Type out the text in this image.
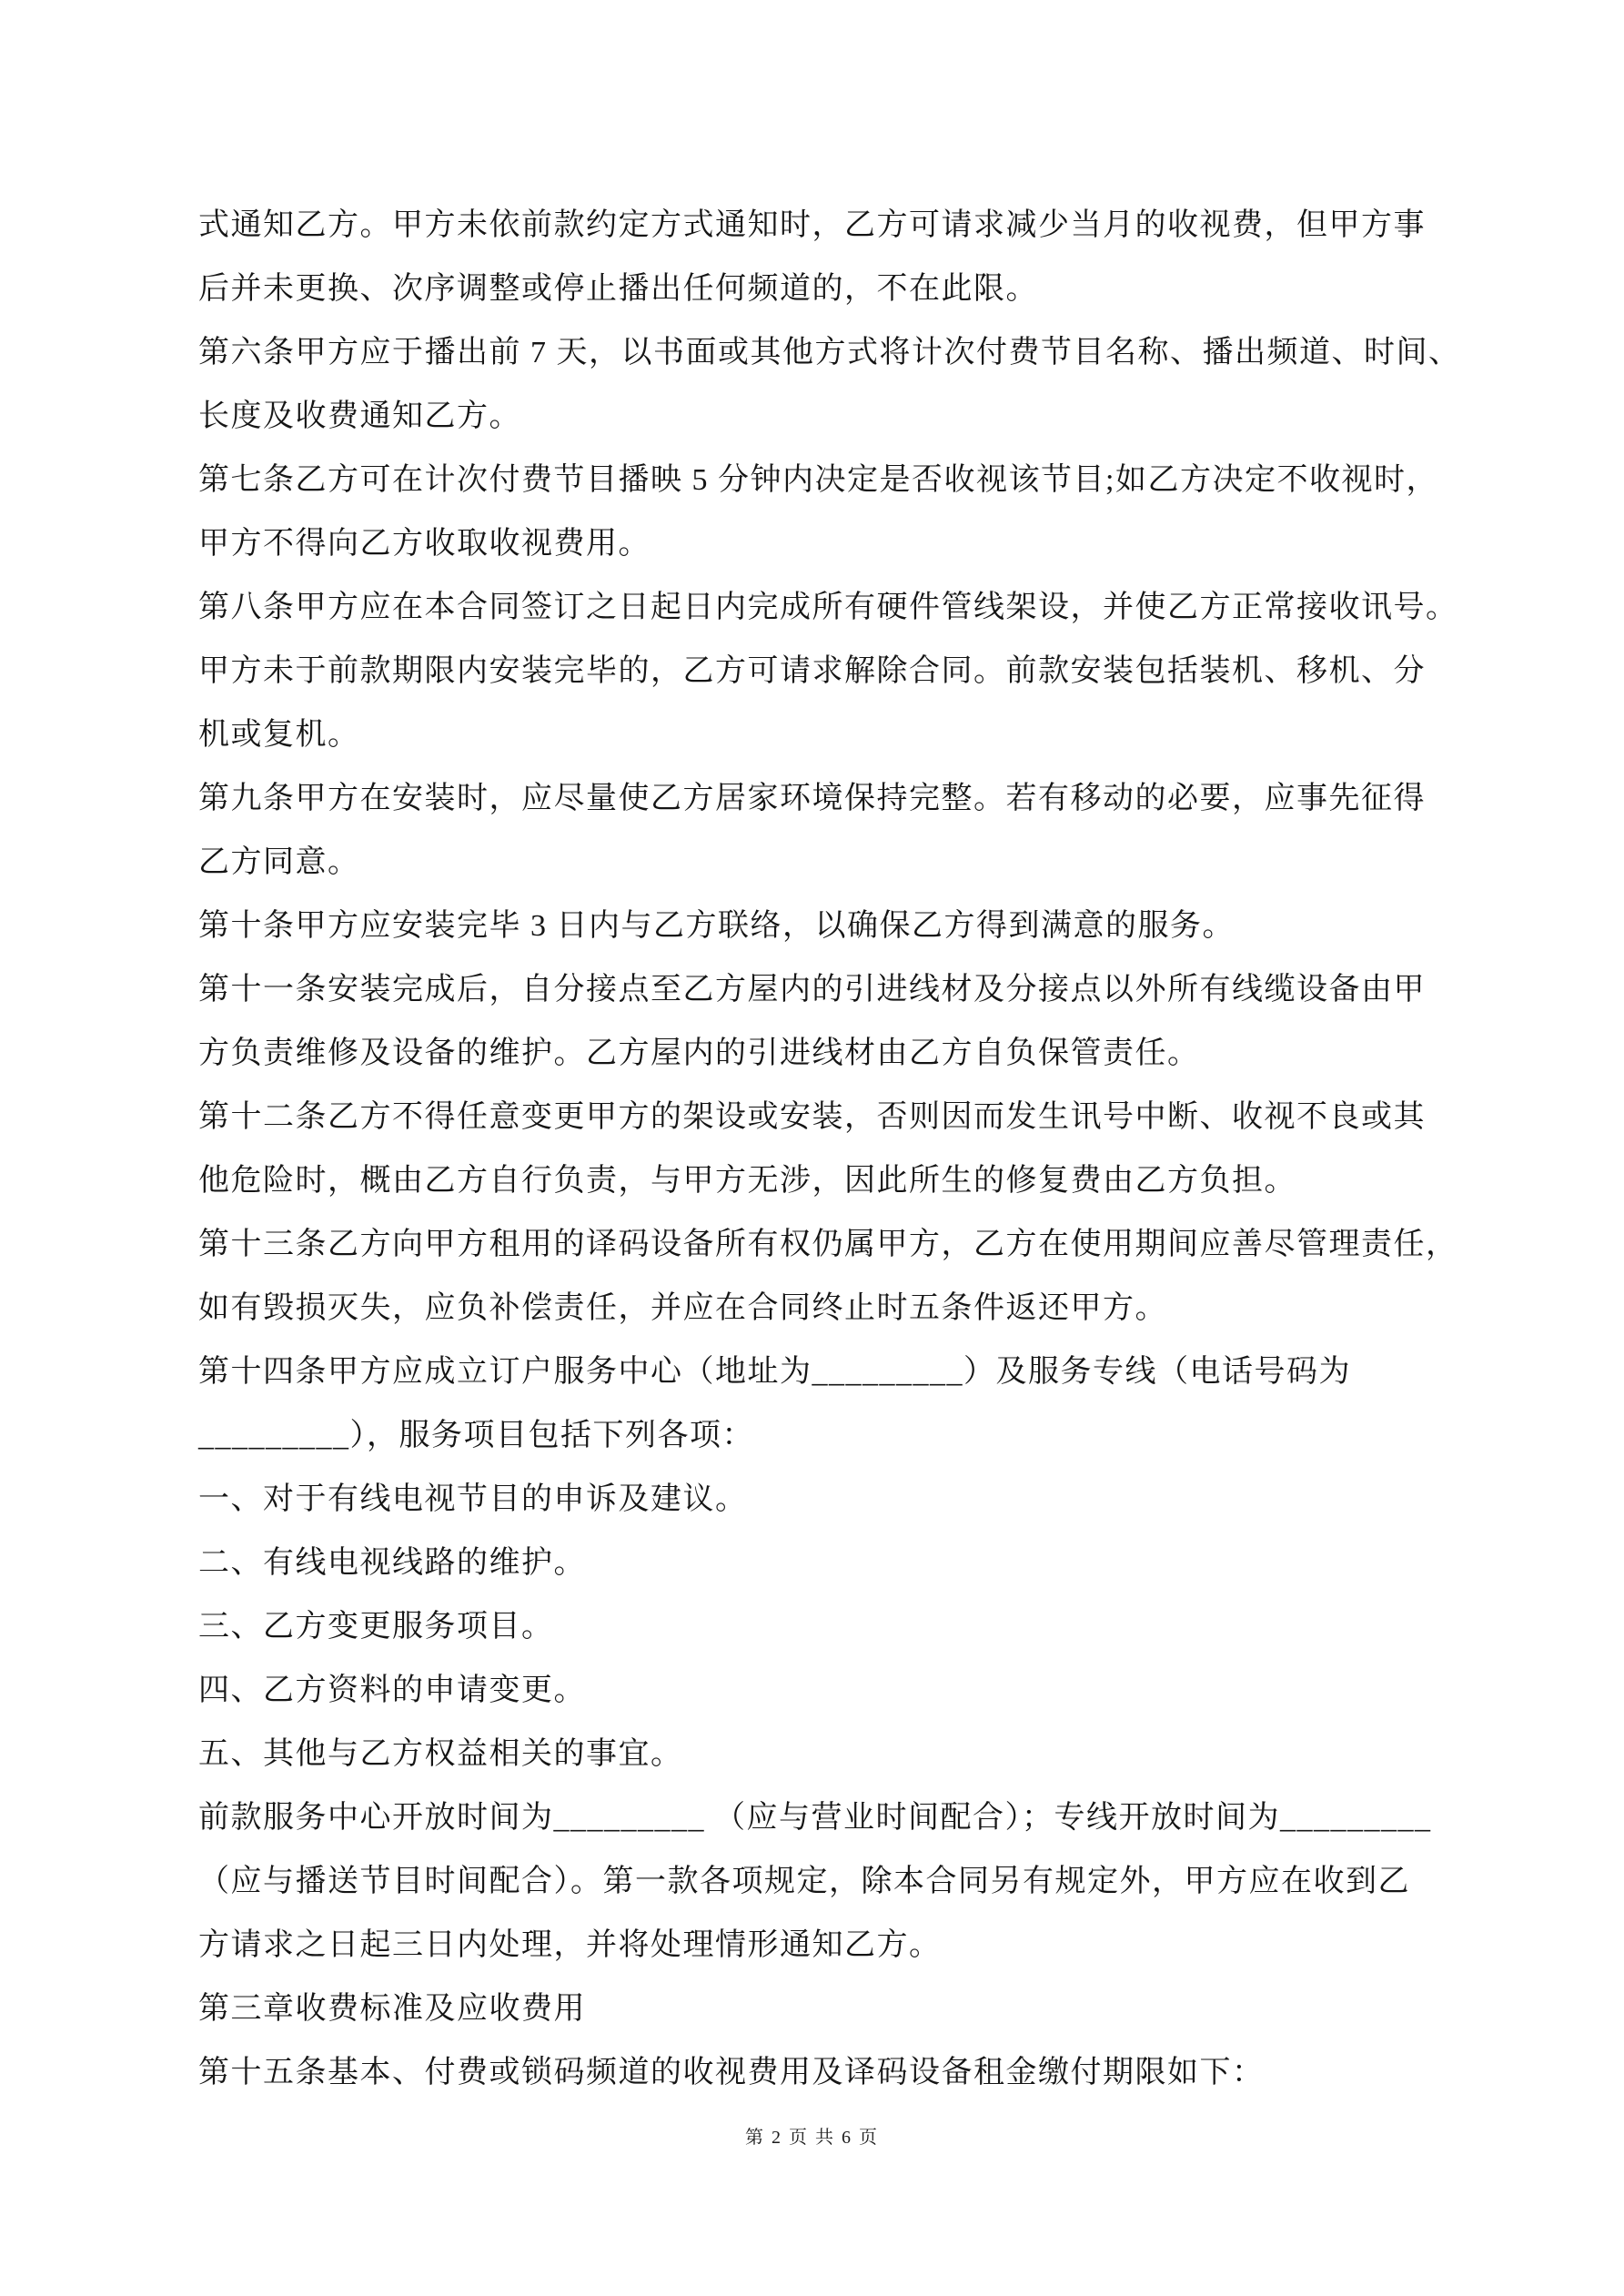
式通知乙方。甲方未依前款约定方式通知时，乙方可请求减少当月的收视费，但甲方事
后并未更换、次序调整或停止播出任何频道的，不在此限。
第六条甲方应于播出前 7 天，以书面或其他方式将计次付费节目名称、播出频道、时间、
长度及收费通知乙方。
第七条乙方可在计次付费节目播映 5 分钟内决定是否收视该节目;如乙方决定不收视时，
甲方不得向乙方收取收视费用。
第八条甲方应在本合同签订之日起日内完成所有硬件管线架设，并使乙方正常接收讯号。
甲方未于前款期限内安装完毕的，乙方可请求解除合同。前款安装包括装机、移机、分
机或复机。
第九条甲方在安装时，应尽量使乙方居家环境保持完整。若有移动的必要，应事先征得
乙方同意。
第十条甲方应安装完毕 3 日内与乙方联络，以确保乙方得到满意的服务。
第十一条安装完成后，自分接点至乙方屋内的引进线材及分接点以外所有线缆设备由甲
方负责维修及设备的维护。乙方屋内的引进线材由乙方自负保管责任。
第十二条乙方不得任意变更甲方的架设或安装，否则因而发生讯号中断、收视不良或其
他危险时，概由乙方自行负责，与甲方无涉，因此所生的修复费由乙方负担。
第十三条乙方向甲方租用的译码设备所有权仍属甲方，乙方在使用期间应善尽管理责任，
如有毁损灭失，应负补偿责任，并应在合同终止时五条件返还甲方。
第十四条甲方应成立订户服务中心（地址为_________）及服务专线（电话号码为
_________），服务项目包括下列各项：
一、对于有线电视节目的申诉及建议。
二、有线电视线路的维护。
三、乙方变更服务项目。
四、乙方资料的申请变更。
五、其他与乙方权益相关的事宜。
前款服务中心开放时间为_________ （应与营业时间配合）；专线开放时间为_________
（应与播送节目时间配合）。第一款各项规定，除本合同另有规定外，甲方应在收到乙
方请求之日起三日内处理，并将处理情形通知乙方。
第三章收费标准及应收费用
第十五条基本、付费或锁码频道的收视费用及译码设备租金缴付期限如下：
第 2 页 共 6 页
